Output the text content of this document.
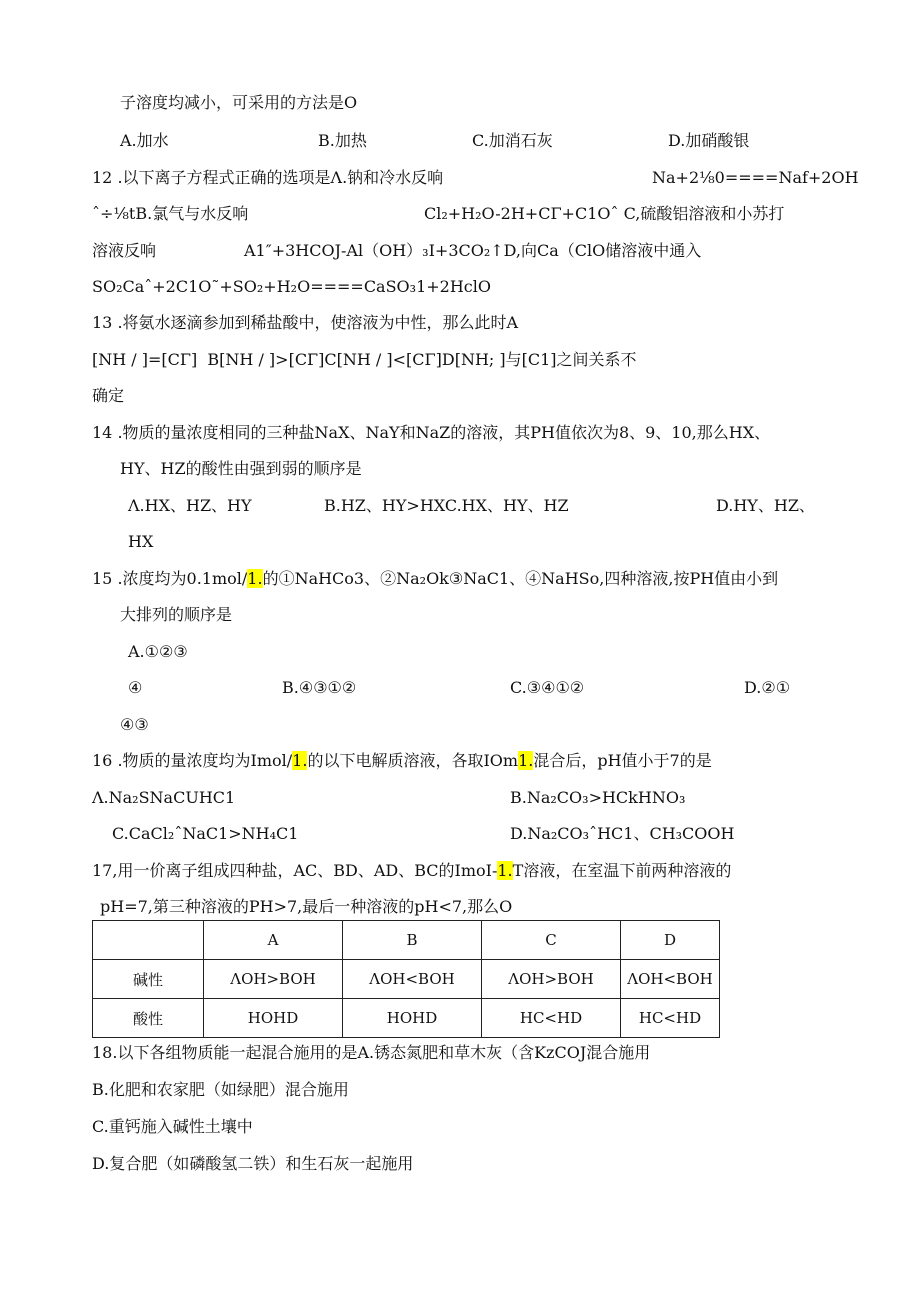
子溶度均减小，可采用的方法是O
A.加水	B.加热	C.加消石灰	D.加硝酸银
12 .以下离子方程式正确的选项是Λ.钠和冷水反响	Na+2⅛0====Naf+2OH
ˆ÷⅛tB.氯气与水反响	Cl₂+H₂O-2H+CΓ+C1Oˆ C,硫酸铝溶液和小苏打
溶液反响	A1″+3HCOJ-Al（OH）₃I+3CO₂↑D,向Ca（ClO储溶液中通入
SO₂Caˆ+2C1O˜+SO₂+H₂O====CaSO₃1+2HclO
13 .将氨水逐滴参加到稀盐酸中，使溶液为中性，那么此时A
[NH / ]=[CΓ]  B[NH / ]>[CΓ]C[NH / ]<[CΓ]D[NH; ]与[C1]之间关系不
确定
14 .物质的量浓度相同的三种盐NaX、NaY和NaZ的溶液，其PH值依次为8、9、10,那么HX、
HY、HZ的酸性由强到弱的顺序是
Λ.HX、HZ、HY	B.HZ、HY>HXC.HX、HY、HZ	D.HY、HZ、
HX
15 .浓度均为0.1mol/1.的①NaHCo3、②Na₂Ok③NaC1、④NaHSo,四种溶液,按PH值由小到
大排列的顺序是
A.①②③
④	B.④③①②	C.③④①②	D.②①
④③
16 .物质的量浓度均为Imol/1.的以下电解质溶液，各取IOm1.混合后，pH值小于7的是
Λ.Na₂SNaCUHC1	B.Na₂CO₃>HCkHNO₃
C.CaCl₂ˆNaC1>NH₄C1	D.Na₂CO₃ˆHC1、CH₃COOH
17,用一价离子组成四种盐，AC、BD、AD、BC的ImoI-1.T溶液，在室温下前两种溶液的
pH=7,第三种溶液的PH>7,最后一种溶液的pH<7,那么O
	A	B	C	D
碱性	ΛOH>BOH	ΛOH<BOH	ΛOH>BOH	ΛOH<BOH
酸性	HOHD	HOHD	HC<HD	HC<HD
18.以下各组物质能一起混合施用的是A.锈态氮肥和草木灰（含KzCOJ混合施用
B.化肥和农家肥（如绿肥）混合施用
C.重钙施入碱性土壤中
D.复合肥（如磷酸氢二铁）和生石灰一起施用
